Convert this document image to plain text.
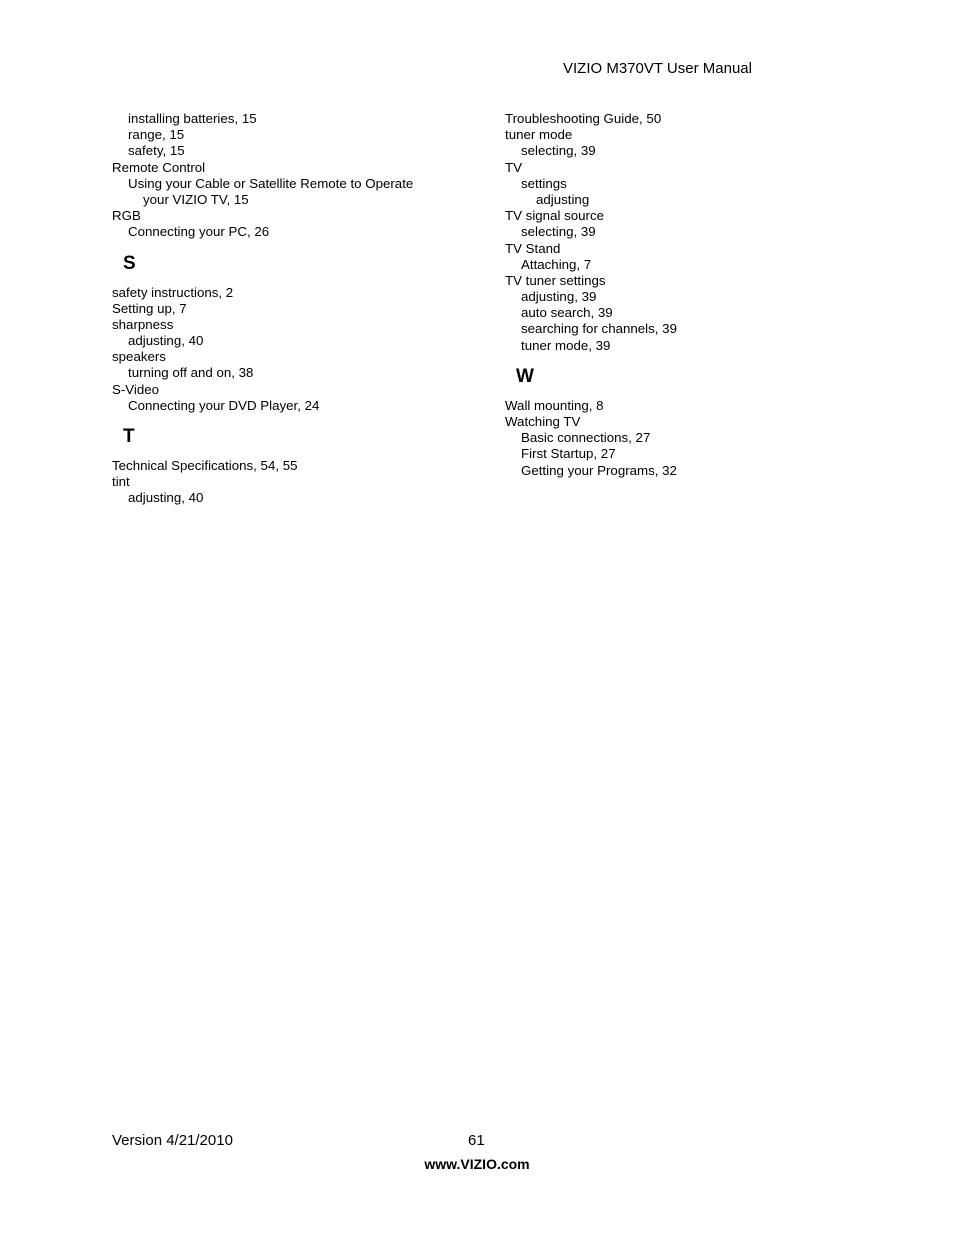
VIZIO M370VT User Manual
installing batteries, 15
range, 15
safety, 15
Remote Control
Using your Cable or Satellite Remote to Operate
your VIZIO TV, 15
RGB
Connecting your PC, 26
S
safety instructions, 2
Setting up, 7
sharpness
adjusting, 40
speakers
turning off and on, 38
S-Video
Connecting your DVD Player, 24
T
Technical Specifications, 54, 55
tint
adjusting, 40
Troubleshooting Guide, 50
tuner mode
selecting, 39
TV
settings
adjusting
TV signal source
selecting, 39
TV Stand
Attaching, 7
TV tuner settings
adjusting, 39
auto search, 39
searching for channels, 39
tuner mode, 39
W
Wall mounting, 8
Watching TV
Basic connections, 27
First Startup, 27
Getting your Programs, 32
Version 4/21/2010	61
www.VIZIO.com
